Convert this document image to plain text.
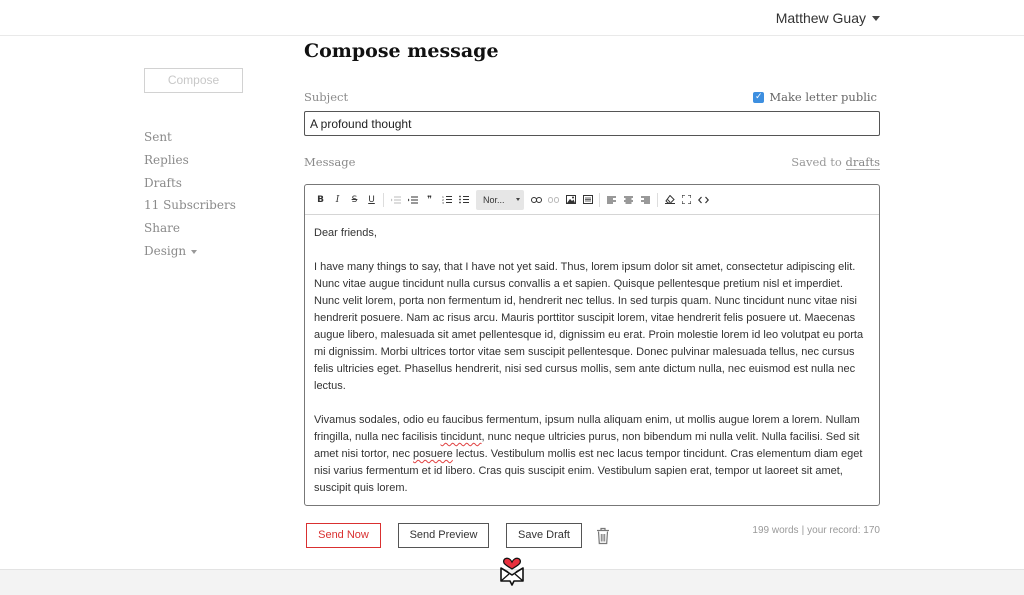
Matthew Guay
Compose
Sent
Replies
Drafts
11 Subscribers
Share
Design
Compose message
Subject	✓ Make letter public
A profound thought
Message	Saved to drafts
B	I	S	U	❞	1
2
3	Nor...

Dear friends,

I have many things to say, that I have not yet said. Thus, lorem ipsum dolor sit amet, consectetur adipiscing elit. Nunc vitae augue tincidunt nulla cursus convallis a et sapien. Quisque pellentesque pretium nisl et imperdiet. Nunc velit lorem, porta non fermentum id, hendrerit nec tellus. In sed turpis quam. Nunc tincidunt nunc vitae nisi hendrerit posuere. Nam ac risus arcu. Mauris porttitor suscipit lorem, vitae hendrerit felis posuere ut. Maecenas augue libero, malesuada sit amet pellentesque id, dignissim eu erat. Proin molestie lorem id leo volutpat eu porta mi dignissim. Morbi ultrices tortor vitae sem suscipit pellentesque. Donec pulvinar malesuada tellus, nec cursus felis ultricies eget. Phasellus hendrerit, nisi sed cursus mollis, sem ante dictum nulla, nec euismod est nulla nec lectus.

Vivamus sodales, odio eu faucibus fermentum, ipsum nulla aliquam enim, ut mollis augue lorem a lorem. Nullam fringilla, nulla nec facilisis tincidunt, nunc neque ultricies purus, non bibendum mi nulla velit. Nulla facilisi. Sed sit amet nisi tortor, nec posuere lectus. Vestibulum mollis est nec lacus tempor tincidunt. Cras elementum diam eget nisi varius fermentum et id libero. Cras quis suscipit enim. Vestibulum sapien erat, tempor ut laoreet sit amet, suscipit quis lorem.

Send Now	Send Preview	Save Draft	199 words | your record: 170
